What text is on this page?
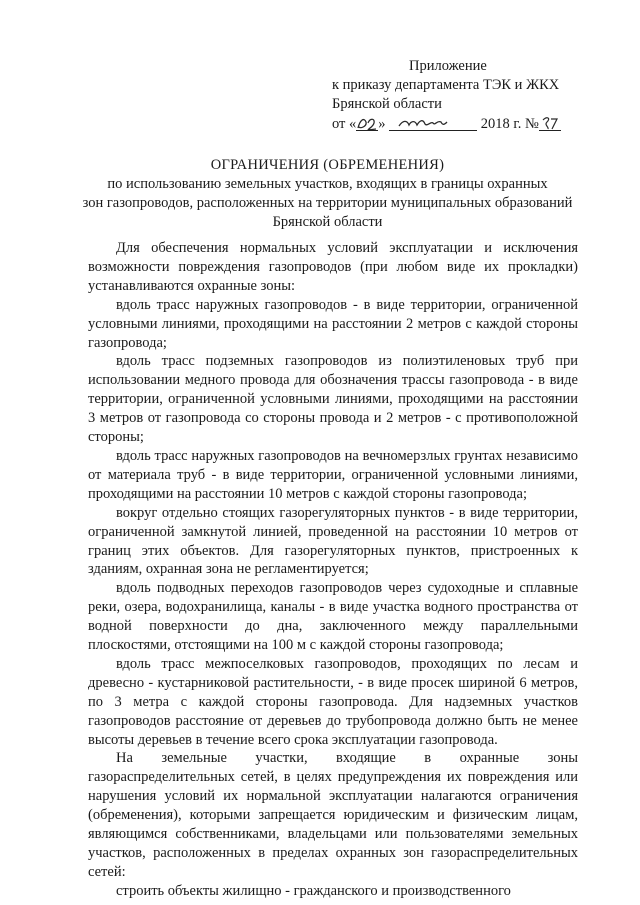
Приложение
к приказу департамента ТЭК и ЖКХ
Брянской области
от « »	2018 г. №
ОГРАНИЧЕНИЯ (ОБРЕМЕНЕНИЯ)
по использованию земельных участков, входящих в границы охранных
зон газопроводов, расположенных на территории муниципальных образований
Брянской области

Для обеспечения нормальных условий эксплуатации и исключения возможности повреждения газопроводов (при любом виде их прокладки) устанавливаются охранные зоны:

вдоль трасс наружных газопроводов - в виде территории, ограниченной условными линиями, проходящими на расстоянии 2 метров с каждой стороны газопровода;

вдоль трасс подземных газопроводов из полиэтиленовых труб при использовании медного провода для обозначения трассы газопровода - в виде территории, ограниченной условными линиями, проходящими на расстоянии 3 метров от газопровода со стороны провода и 2 метров - с противоположной стороны;

вдоль трасс наружных газопроводов на вечномерзлых грунтах независимо от материала труб - в виде территории, ограниченной условными линиями, проходящими на расстоянии 10 метров с каждой стороны газопровода;

вокруг отдельно стоящих газорегуляторных пунктов - в виде территории, ограниченной замкнутой линией, проведенной на расстоянии 10 метров от границ этих объектов. Для газорегуляторных пунктов, пристроенных к зданиям, охранная зона не регламентируется;

вдоль подводных переходов газопроводов через судоходные и сплавные реки, озера, водохранилища, каналы - в виде участка водного пространства от водной поверхности до дна, заключенного между параллельными плоскостями, отстоящими на 100 м с каждой стороны газопровода;

вдоль трасс межпоселковых газопроводов, проходящих по лесам и древесно - кустарниковой растительности, - в виде просек шириной 6 метров, по 3 метра с каждой стороны газопровода. Для надземных участков газопроводов расстояние от деревьев до трубопровода должно быть не менее высоты деревьев в течение всего срока эксплуатации газопровода.

На земельные участки, входящие в охранные зоны газораспределительных сетей, в целях предупреждения их повреждения или нарушения условий их нормальной эксплуатации налагаются ограничения (обременения), которыми запрещается юридическим и физическим лицам, являющимся собственниками, владельцами или пользователями земельных участков, расположенных в пределах охранных зон газораспределительных сетей:

строить объекты жилищно - гражданского и производственного
